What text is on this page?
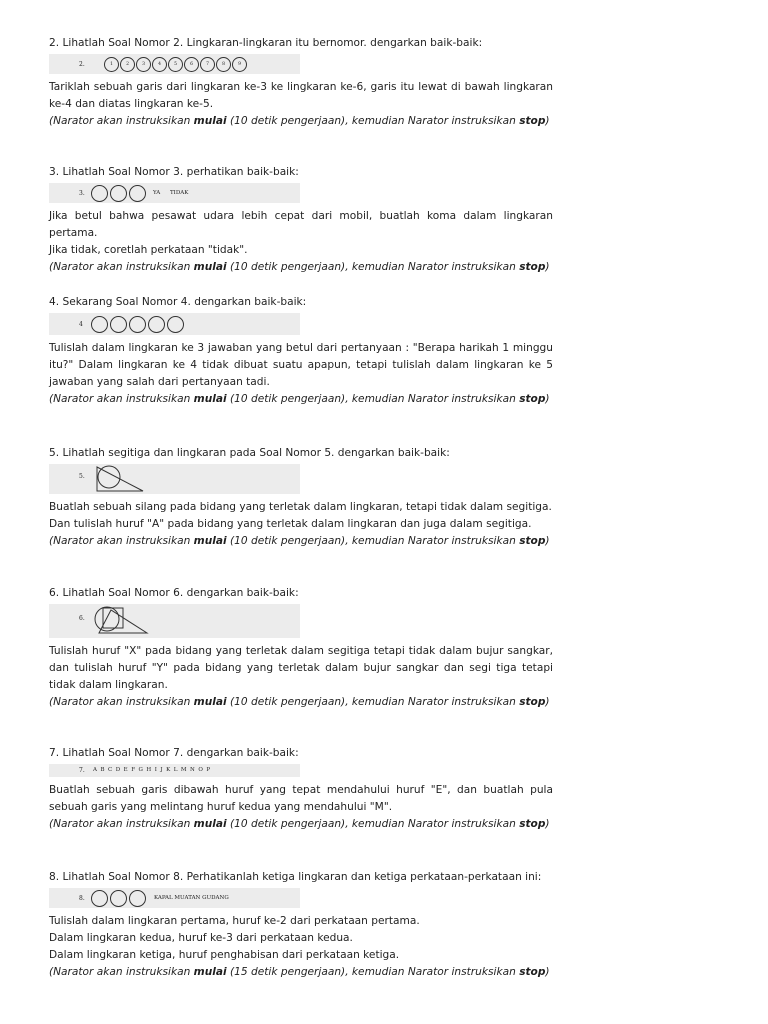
2. Lihatlah Soal Nomor 2. Lingkaran-lingkaran itu bernomor. dengarkan baik-baik:

2.	1	2	3	4	5	6	7	8	9

Tariklah sebuah garis dari lingkaran ke-3 ke lingkaran ke-6, garis itu lewat di bawah lingkaran ke-4 dan diatas lingkaran ke-5.

(Narator akan instruksikan mulai (10 detik pengerjaan), kemudian Narator instruksikan stop)

3. Lihatlah Soal Nomor 3. perhatikan baik-baik:

3.	YA TIDAK

Jika betul bahwa pesawat udara lebih cepat dari mobil, buatlah koma dalam lingkaran pertama.

Jika tidak, coretlah perkataan "tidak".

(Narator akan instruksikan mulai (10 detik pengerjaan), kemudian Narator instruksikan stop)

4. Sekarang Soal Nomor 4. dengarkan baik-baik:

4

Tulislah dalam lingkaran ke 3 jawaban yang betul dari pertanyaan : "Berapa harikah 1 minggu itu?" Dalam lingkaran ke 4 tidak dibuat suatu apapun, tetapi tulislah dalam lingkaran ke 5 jawaban yang salah dari pertanyaan tadi.

(Narator akan instruksikan mulai (10 detik pengerjaan), kemudian Narator instruksikan stop)

5. Lihatlah segitiga dan lingkaran pada Soal Nomor 5. dengarkan baik-baik:

5.

Buatlah sebuah silang pada bidang yang terletak dalam lingkaran, tetapi tidak dalam segitiga.

Dan tulislah huruf "A" pada bidang yang terletak dalam lingkaran dan juga dalam segitiga.

(Narator akan instruksikan mulai (10 detik pengerjaan), kemudian Narator instruksikan stop)

6. Lihatlah Soal Nomor 6. dengarkan baik-baik:

6.

Tulislah huruf "X" pada bidang yang terletak dalam segitiga tetapi tidak dalam bujur sangkar, dan tulislah huruf "Y" pada bidang yang terletak dalam bujur sangkar dan segi tiga tetapi tidak dalam lingkaran.

(Narator akan instruksikan mulai (10 detik pengerjaan), kemudian Narator instruksikan stop)

7. Lihatlah Soal Nomor 7. dengarkan baik-baik:

7. A B C D E F G H I J K L M N O P

Buatlah sebuah garis dibawah huruf yang tepat mendahului huruf "E", dan buatlah pula sebuah garis yang melintang huruf kedua yang mendahului "M".

(Narator akan instruksikan mulai (10 detik pengerjaan), kemudian Narator instruksikan stop)

8. Lihatlah Soal Nomor 8. Perhatikanlah ketiga lingkaran dan ketiga perkataan-perkataan ini:

8.	KAPAL MUATAN GUDANG

Tulislah dalam lingkaran pertama, huruf ke-2 dari perkataan pertama.

Dalam lingkaran kedua, huruf ke-3 dari perkataan kedua.

Dalam lingkaran ketiga, huruf penghabisan dari perkataan ketiga.

(Narator akan instruksikan mulai (15 detik pengerjaan), kemudian Narator instruksikan stop)
